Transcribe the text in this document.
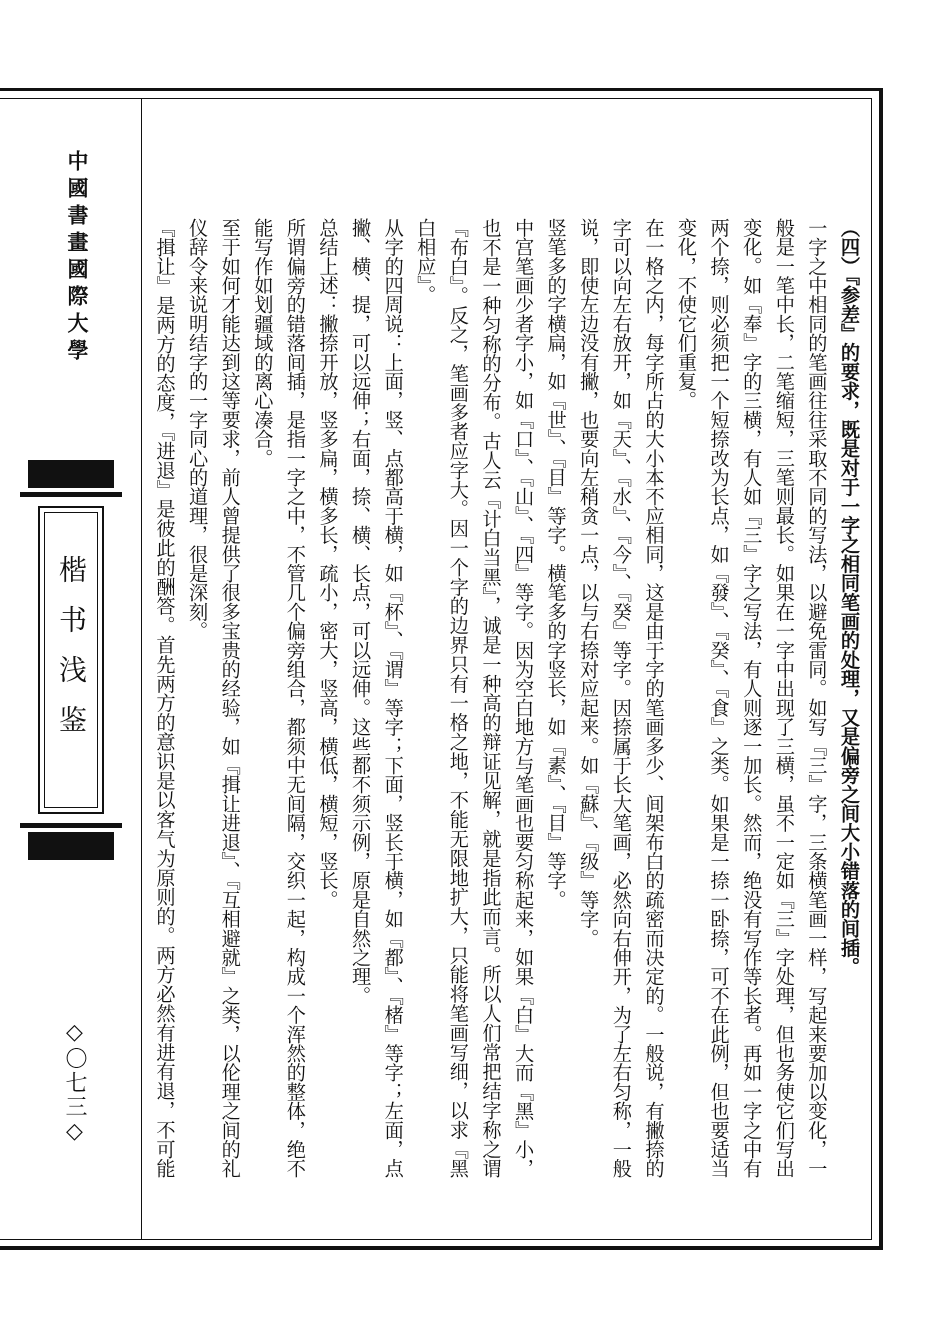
中國書畫國際大學
楷书浅鉴
◇〇七三◇

（四）『参差』的要求，既是对于一字之相同笔画的处理，又是偏旁之间大小错落的间插。

一字之中相同的笔画往往采取不同的写法，以避免雷同。如写『三』字，三条横笔画一样，写起来要加以变化，一般是一笔中长，二笔缩短，三笔则最长。如果在一字中出现了三横，虽不一定如『三』字处理，但也务使它们写出变化。如『奉』字的三横，有人如『三』字之写法，有人则逐一加长。然而，绝没有写作等长者。再如一字之中有两个捺，则必须把一个短捺改为长点，如『發』、『癸』、『食』之类。如果是一捺一卧捺，可不在此例，但也要适当变化，不使它们重复。

在一格之内，每字所占的大小本不应相同，这是由于字的笔画多少、间架布白的疏密而决定的。一般说，有撇捺的字可以向左右放开，如『天』、『水』、『今』、『癸』等字。因捺属于长大笔画，必然向右伸开，为了左右匀称，一般说，即使左边没有撇，也要向左稍贪一点，以与右捺对应起来。如『蘇』、『级』等字。

竖笔多的字横扁，如『世』、『目』等字。横笔多的字竖长，如『素』、『目』等字。

中宫笔画少者字小，如『口』、『山』、『四』等字。因为空白地方与笔画也要匀称起来，如果『白』大而『黑』小，也不是一种匀称的分布。古人云『计白当黑』，诚是一种高的辩证见解，就是指此而言。所以人们常把结字称之谓『布白』。反之，笔画多者应字大。因一个字的边界只有一格之地，不能无限地扩大，只能将笔画写细，以求『黑白相应』。

从字的四周说：上面，竖、点都高于横，如『杯』、『谓』等字；下面，竖长于横，如『都』、『楮』等字；左面，点撇、横、提，可以远伸；右面，捺、横、长点，可以远伸。这些都不须示例，原是自然之理。

总结上述：撇捺开放，竖多扁，横多长，疏小，密大，竖高，横低，横短，竖长。

所谓偏旁的错落间插，是指一字之中，不管几个偏旁组合，都须中无间隔，交织一起，构成一个浑然的整体，绝不能写作如划疆域的离心凑合。

至于如何才能达到这等要求，前人曾提供了很多宝贵的经验，如『揖让进退』、『互相避就』之类，以伦理之间的礼仪辞令来说明结字的一字同心的道理，很是深刻。

『揖让』是两方的态度，『进退』是彼此的酬答。首先两方的意识是以客气为原则的。两方必然有进有退，不可能
